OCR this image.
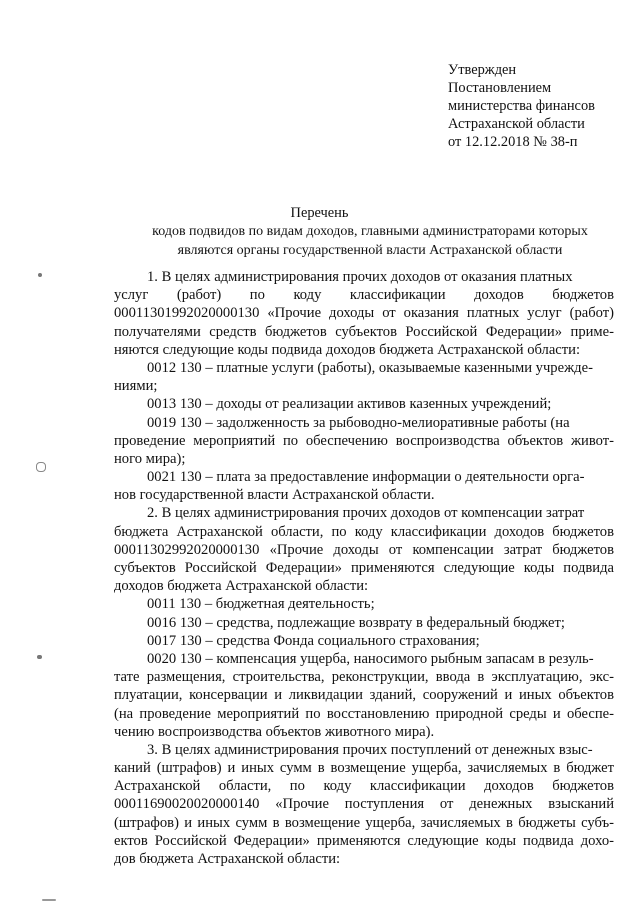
Утвержден
Постановлением
министерства финансов
Астраханской области
от 12.12.2018 № 38-п
Перечень
кодов подвидов по видам доходов, главными администраторами которых
являются органы государственной власти Астраханской области
1. В целях администрирования прочих доходов от оказания платных
услуг (работ) по коду классификации доходов бюджетов
00011301992020000130 «Прочие доходы от оказания платных услуг (работ)
получателями средств бюджетов субъектов Российской Федерации» приме-
няются следующие коды подвида доходов бюджета Астраханской области:
0012 130 – платные услуги (работы), оказываемые казенными учрежде-
ниями;
0013 130 – доходы от реализации активов казенных учреждений;
0019 130 – задолженность за рыбоводно-мелиоративные работы (на
проведение мероприятий по обеспечению воспроизводства объектов живот-
ного мира);
0021 130 – плата за предоставление информации о деятельности орга-
нов государственной власти Астраханской области.
2. В целях администрирования прочих доходов от компенсации затрат
бюджета Астраханской области, по коду классификации доходов бюджетов
00011302992020000130 «Прочие доходы от компенсации затрат бюджетов
субъектов Российской Федерации» применяются следующие коды подвида
доходов бюджета Астраханской области:
0011 130 – бюджетная деятельность;
0016 130 – средства, подлежащие возврату в федеральный бюджет;
0017 130 – средства Фонда социального страхования;
0020 130 – компенсация ущерба, наносимого рыбным запасам в резуль-
тате размещения, строительства, реконструкции, ввода в эксплуатацию, экс-
плуатации, консервации и ликвидации зданий, сооружений и иных объектов
(на проведение мероприятий по восстановлению природной среды и обеспе-
чению воспроизводства объектов животного мира).
3. В целях администрирования прочих поступлений от денежных взыс-
каний (штрафов) и иных сумм в возмещение ущерба, зачисляемых в бюджет
Астраханской области, по коду классификации доходов бюджетов
00011690020020000140 «Прочие поступления от денежных взысканий
(штрафов) и иных сумм в возмещение ущерба, зачисляемых в бюджеты субъ-
ектов Российской Федерации» применяются следующие коды подвида дохо-
дов бюджета Астраханской области:
